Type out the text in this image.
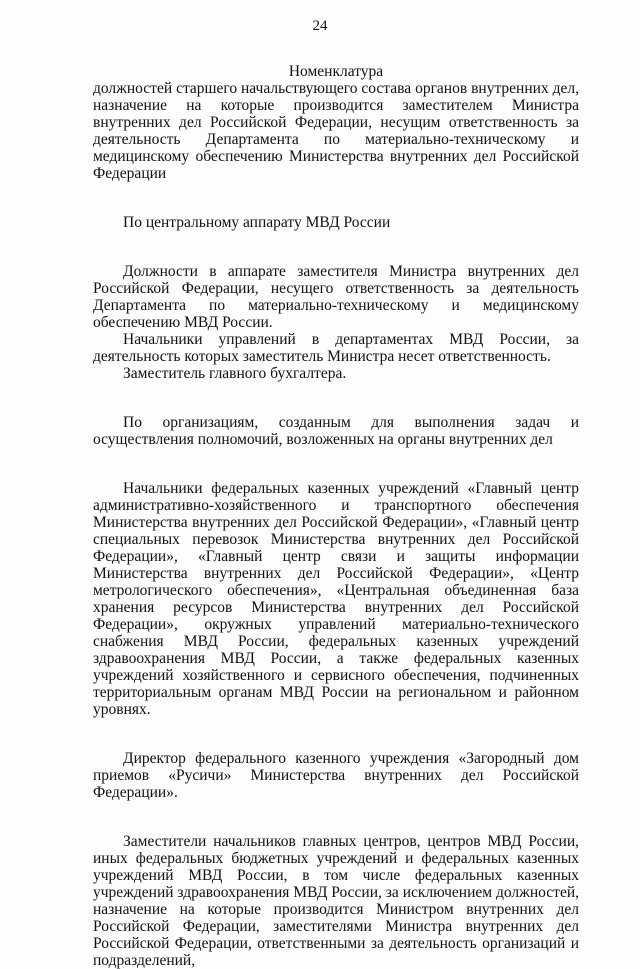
24

Номенклатура

должностей старшего начальствующего состава органов внутренних дел, назначение на которые производится заместителем Министра внутренних дел Российской Федерации, несущим ответственность за деятельность Департамента по материально-техническому и медицинскому обеспечению Министерства внутренних дел Российской Федерации

По центральному аппарату МВД России

Должности в аппарате заместителя Министра внутренних дел Российской Федерации, несущего ответственность за деятельность Департамента по материально-техническому и медицинскому обеспечению МВД России.

Начальники управлений в департаментах МВД России, за деятельность которых заместитель Министра несет ответственность.

Заместитель главного бухгалтера.

По организациям, созданным для выполнения задач и осуществления полномочий, возложенных на органы внутренних дел

Начальники федеральных казенных учреждений «Главный центр административно-хозяйственного и транспортного обеспечения Министерства внутренних дел Российской Федерации», «Главный центр специальных перевозок Министерства внутренних дел Российской Федерации», «Главный центр связи и защиты информации Министерства внутренних дел Российской Федерации», «Центр метрологического обеспечения», «Центральная объединенная база хранения ресурсов Министерства внутренних дел Российской Федерации», окружных управлений материально-технического снабжения МВД России, федеральных казенных учреждений здравоохранения МВД России, а также федеральных казенных учреждений хозяйственного и сервисного обеспечения, подчиненных территориальным органам МВД России на региональном и районном уровнях.

Директор федерального казенного учреждения «Загородный дом приемов «Русичи» Министерства внутренних дел Российской Федерации».

Заместители начальников главных центров, центров МВД России, иных федеральных бюджетных учреждений и федеральных казенных учреждений МВД России, в том числе федеральных казенных учреждений здравоохранения МВД России, за исключением должностей, назначение на которые производится Министром внутренних дел Российской Федерации, заместителями Министра внутренних дел Российской Федерации, ответственными за деятельность организаций и подразделений,
